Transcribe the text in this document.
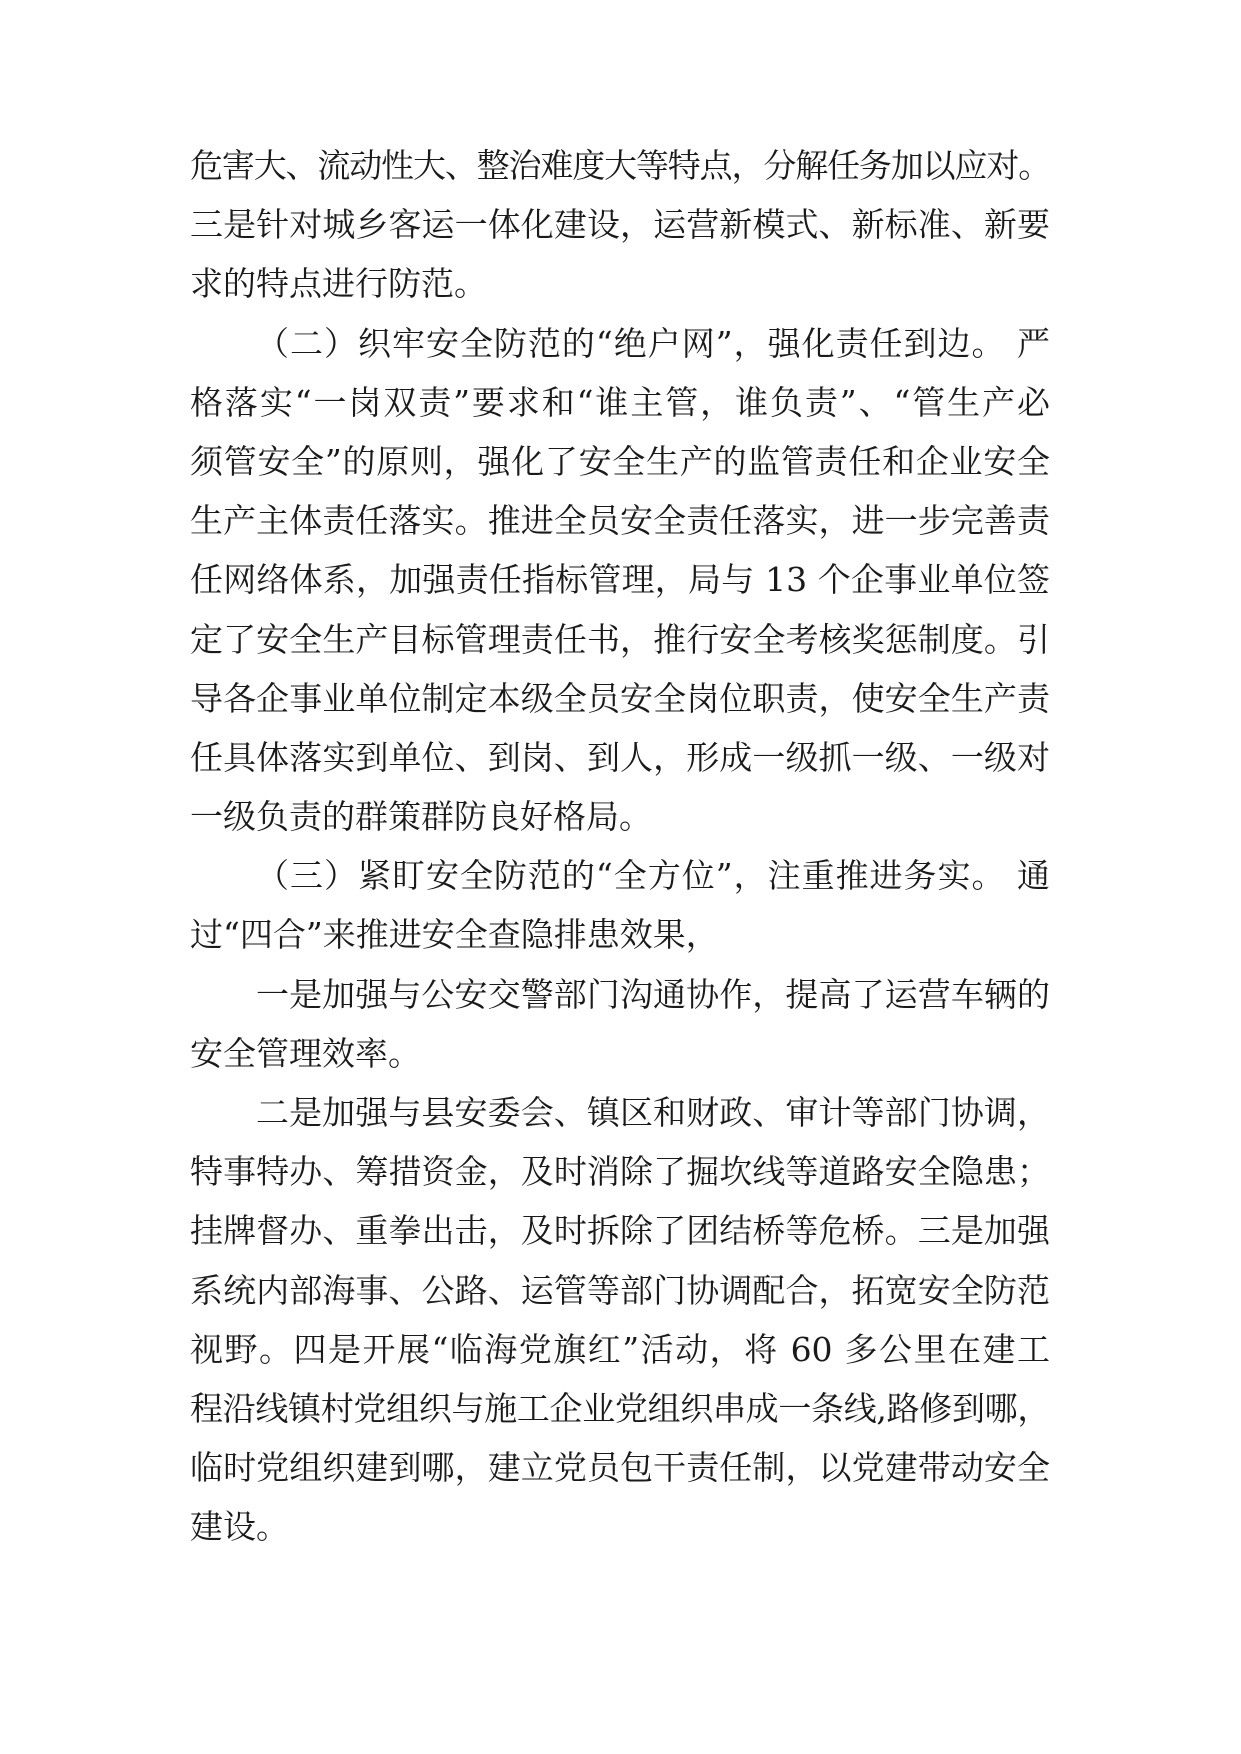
危害大、流动性大、整治难度大等特点，分解任务加以应对。
三是针对城乡客运一体化建设，运营新模式、新标准、新要
求的特点进行防范。
（二）织牢安全防范的“绝户网”，强化责任到边。 严
格落实“一岗双责”要求和“谁主管，谁负责”、“管生产必
须管安全”的原则，强化了安全生产的监管责任和企业安全
生产主体责任落实。推进全员安全责任落实，进一步完善责
任网络体系，加强责任指标管理，局与 13 个企事业单位签
定了安全生产目标管理责任书，推行安全考核奖惩制度。引
导各企事业单位制定本级全员安全岗位职责，使安全生产责
任具体落实到单位、到岗、到人，形成一级抓一级、一级对
一级负责的群策群防良好格局。
（三）紧盯安全防范的“全方位”，注重推进务实。 通
过“四合”来推进安全查隐排患效果，
一是加强与公安交警部门沟通协作，提高了运营车辆的
安全管理效率。
二是加强与县安委会、镇区和财政、审计等部门协调，
特事特办、筹措资金，及时消除了掘坎线等道路安全隐患；
挂牌督办、重拳出击，及时拆除了团结桥等危桥。三是加强
系统内部海事、公路、运管等部门协调配合，拓宽安全防范
视野。四是开展“临海党旗红”活动，将 60 多公里在建工
程沿线镇村党组织与施工企业党组织串成一条线,路修到哪，
临时党组织建到哪，建立党员包干责任制，以党建带动安全
建设。
